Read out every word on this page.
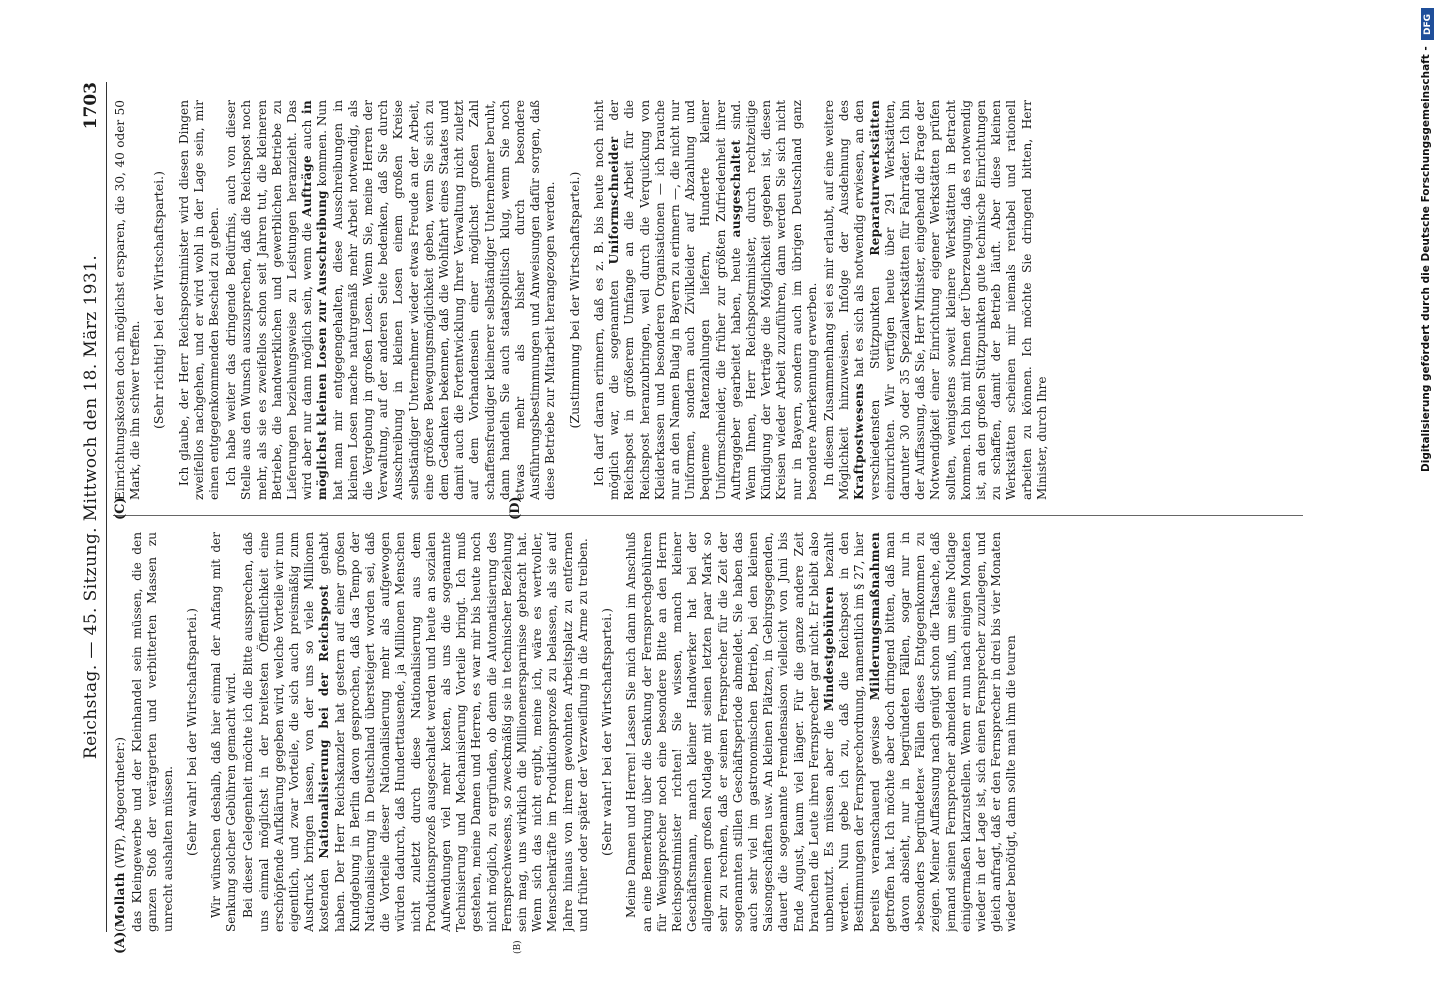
Reichstag. — 45. Sitzung. Mittwoch den 18. März 1931.
1703
(A)	(B)

(Mollath (WP), Abgeordneter:) das Kleingewerbe und der Kleinhandel sein müssen, die den ganzen Stoß der verärgerten und verbitterten Massen zu unrecht aushalten müssen. (Sehr wahr! bei der Wirtschaftspartei.) Wir wünschen deshalb, daß hier einmal der Anfang mit der Senkung solcher Gebühren gemacht wird. Bei dieser Gelegenheit möchte ich die Bitte aussprechen, daß uns einmal möglichst in der breitesten Öffentlichkeit eine erschöpfende Aufklärung gegeben wird, welche Vorteile wir nun eigentlich, und zwar Vorteile, die sich auch preismäßig zum Ausdruck bringen lassen, von der uns so viele Millionen kostenden Nationalisierung bei der Reichspost gehabt haben. Der Herr Reichskanzler hat gestern auf einer großen Kundgebung in Berlin davon gesprochen, daß das Tempo der Nationalisierung in Deutschland übersteigert worden sei, daß die Vorteile dieser Nationalisierung mehr als aufgewogen würden dadurch, daß Hunderttausende, ja Millionen Menschen nicht zuletzt durch diese Nationalisierung aus dem Produktionsprozeß ausgeschaltet werden und heute an sozialen Aufwendungen viel mehr kosten, als uns die sogenannte Technisierung und Mechanisierung Vorteile bringt. Ich muß gestehen, meine Damen und Herren, es war mir bis heute noch nicht möglich, zu ergründen, ob denn die Automatisierung des Fernsprechwesens, so zweckmäßig sie in technischer Beziehung sein mag, uns wirklich die Millionenersparnisse gebracht hat. Wenn sich das nicht ergibt, meine ich, wäre es wertvoller, Menschenkräfte im Produktionsprozeß zu belassen, als sie auf Jahre hinaus von ihrem gewohnten Arbeitsplatz zu entfernen und früher oder später der Verzweiflung in die Arme zu treiben. (Sehr wahr! bei der Wirtschaftspartei.) Meine Damen und Herren! Lassen Sie mich dann im Anschluß an eine Bemerkung über die Senkung der Fernsprechgebühren für Wenigsprecher noch eine besondere Bitte an den Herrn Reichspostminister richten! Sie wissen, manch kleiner Geschäftsmann, manch kleiner Handwerker hat bei der allgemeinen großen Notlage mit seinen letzten paar Mark so sehr zu rechnen, daß er seinen Fernsprecher für die Zeit der sogenannten stillen Geschäftsperiode abmeldet. Sie haben das auch sehr viel im gastronomischen Betrieb, bei den kleinen Saisongeschäften usw. An kleinen Plätzen, in Gebirgsgegenden, dauert die sogenannte Fremdensaison vielleicht von Juni bis Ende August, kaum viel länger. Für die ganze andere Zeit brauchen die Leute ihren Fernsprecher gar nicht. Er bleibt also unbenutzt. Es müssen aber die Mindestgebühren bezahlt werden. Nun gebe ich zu, daß die Reichspost in den Bestimmungen der Fernsprechordnung, namentlich im § 27, hier bereits veranschauend gewisse Milderungsmaßnahmen getroffen hat. Ich möchte aber doch dringend bitten, daß man davon absieht, nur in begründeten Fällen, sogar nur in »besonders begründeten« Fällen dieses Entgegenkommen zu zeigen. Meiner Auffassung nach genügt schon die Tatsache, daß jemand seinen Fernsprecher abmelden muß, um seine Notlage einigermaßen klarzustellen. Wenn er nun nach einigen Monaten wieder in der Lage ist, sich einen Fernsprecher zuzulegen, und gleich anfragt, daß er den Fernsprecher in drei bis vier Monaten wieder benötigt, dann sollte man ihm die teuren

(C)	(D)

Einrichtungskosten doch möglichst ersparen, die 30, 40 oder 50 Mark, die ihn schwer treffen. (Sehr richtig! bei der Wirtschaftspartei.) Ich glaube, der Herr Reichspostminister wird diesen Dingen zweifellos nachgehen, und er wird wohl in der Lage sein, mir einen entgegenkommenden Bescheid zu geben. Ich habe weiter das dringende Bedürfnis, auch von dieser Stelle aus den Wunsch auszusprechen, daß die Reichspost noch mehr, als sie es zweifellos schon seit Jahren tut, die kleineren Betriebe, die handwerklichen und gewerblichen Betriebe zu Lieferungen beziehungsweise zu Leistungen heranzieht. Das wird aber nur dann möglich sein, wenn die Aufträge auch in möglichst kleinen Losen zur Ausschreibung kommen. Nun hat man mir entgegengehalten, diese Ausschreibungen in kleinen Losen mache naturgemäß mehr Arbeit notwendig, als die Vergebung in großen Losen. Wenn Sie, meine Herren der Verwaltung, auf der anderen Seite bedenken, daß Sie durch Ausschreibung in kleinen Losen einem großen Kreise selbständiger Unternehmer wieder etwas Freude an der Arbeit, eine größere Bewegungsmöglichkeit geben, wenn Sie sich zu dem Gedanken bekennen, daß die Wohlfahrt eines Staates und damit auch die Fortentwicklung Ihrer Verwaltung nicht zuletzt auf dem Vorhandensein einer möglichst großen Zahl schaffensfreudiger kleinerer selbständiger Unternehmer beruht, dann handeln Sie auch staatspolitisch klug, wenn Sie noch etwas mehr als bisher durch besondere Ausführungsbestimmungen und Anweisungen dafür sorgen, daß diese Betriebe zur Mitarbeit herangezogen werden. (Zustimmung bei der Wirtschaftspartei.) Ich darf daran erinnern, daß es z. B. bis heute noch nicht möglich war, die sogenannten Uniformschneider der Reichspost in größerem Umfange an die Arbeit für die Reichspost heranzubringen, weil durch die Verquickung von Kleiderkassen und besonderen Organisationen — ich brauche nur an den Namen Bulag in Bayern zu erinnern —, die nicht nur Uniformen, sondern auch Zivilkleider auf Abzahlung und bequeme Ratenzahlungen liefern, Hunderte kleiner Uniformschneider, die früher zur größten Zufriedenheit ihrer Auftraggeber gearbeitet haben, heute ausgeschaltet sind. Wenn Ihnen, Herr Reichspostminister, durch rechtzeitige Kündigung der Verträge die Möglichkeit gegeben ist, diesen Kreisen wieder Arbeit zuzuführen, dann werden Sie sich nicht nur in Bayern, sondern auch im übrigen Deutschland ganz besondere Anerkennung erwerben. In diesem Zusammenhang sei es mir erlaubt, auf eine weitere Möglichkeit hinzuweisen. Infolge der Ausdehnung des Kraftpostwesens hat es sich als notwendig erwiesen, an den verschiedensten Stützpunkten Reparaturwerkstätten einzurichten. Wir verfügen heute über 291 Werkstätten, darunter 30 oder 35 Spezialwerkstätten für Fahrräder. Ich bin der Auffassung, daß Sie, Herr Minister, eingehend die Frage der Notwendigkeit einer Einrichtung eigener Werkstätten prüfen sollten, wenigstens soweit kleinere Werkstätten in Betracht kommen. Ich bin mit Ihnen der Überzeugung, daß es notwendig ist, an den großen Stützpunkten gute technische Einrichtungen zu schaffen, damit der Betrieb läuft. Aber diese kleinen Werkstätten scheinen mir niemals rentabel und rationell arbeiten zu können. Ich möchte Sie dringend bitten, Herr Minister, durch Ihre

DFG
Digitalisierung gefördert durch die Deutsche Forschungsgemeinschaft -
